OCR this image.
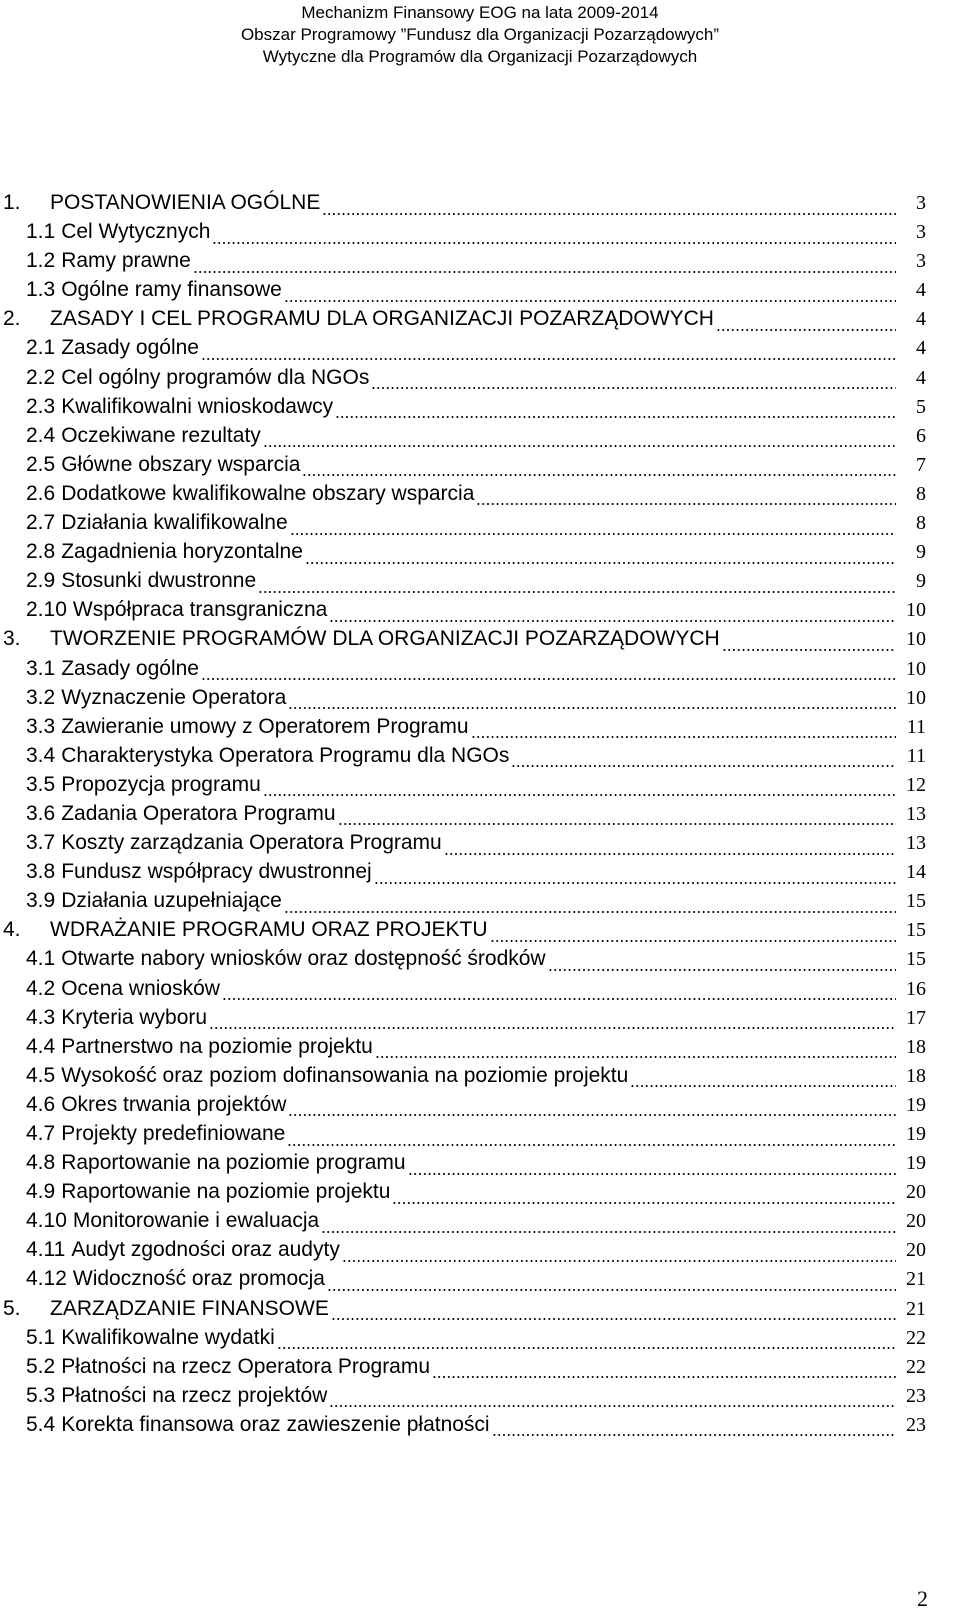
Mechanizm Finansowy EOG na lata 2009-2014
Obszar Programowy ”Fundusz dla Organizacji Pozarządowych”
Wytyczne dla Programów dla Organizacji Pozarządowych
1.	POSTANOWIENIA OGÓLNE	3
1.1 Cel Wytycznych	3
1.2 Ramy prawne	3
1.3 Ogólne ramy finansowe	4
2.	ZASADY I CEL PROGRAMU DLA ORGANIZACJI POZARZĄDOWYCH	4
2.1 Zasady ogólne	4
2.2 Cel ogólny programów dla NGOs	4
2.3 Kwalifikowalni wnioskodawcy	5
2.4 Oczekiwane rezultaty	6
2.5 Główne obszary wsparcia	7
2.6 Dodatkowe kwalifikowalne obszary wsparcia	8
2.7 Działania kwalifikowalne	8
2.8 Zagadnienia horyzontalne	9
2.9 Stosunki dwustronne	9
2.10 Współpraca transgraniczna	10
3.	TWORZENIE PROGRAMÓW DLA ORGANIZACJI POZARZĄDOWYCH	10
3.1 Zasady ogólne	10
3.2 Wyznaczenie Operatora	10
3.3 Zawieranie umowy z Operatorem Programu	11
3.4 Charakterystyka Operatora Programu dla NGOs	11
3.5 Propozycja programu	12
3.6 Zadania Operatora Programu	13
3.7 Koszty zarządzania Operatora Programu	13
3.8 Fundusz współpracy dwustronnej	14
3.9 Działania uzupełniające	15
4.	WDRAŻANIE PROGRAMU ORAZ PROJEKTU	15
4.1 Otwarte nabory wniosków oraz dostępność środków	15
4.2 Ocena wniosków	16
4.3 Kryteria wyboru	17
4.4 Partnerstwo na poziomie projektu	18
4.5 Wysokość oraz poziom dofinansowania na poziomie projektu	18
4.6 Okres trwania projektów	19
4.7 Projekty predefiniowane	19
4.8 Raportowanie na poziomie programu	19
4.9 Raportowanie na poziomie projektu	20
4.10 Monitorowanie i ewaluacja	20
4.11 Audyt zgodności oraz audyty	20
4.12 Widoczność oraz promocja	21
5.	ZARZĄDZANIE FINANSOWE	21
5.1 Kwalifikowalne wydatki	22
5.2 Płatności na rzecz Operatora Programu	22
5.3 Płatności na rzecz projektów	23
5.4 Korekta finansowa oraz zawieszenie płatności	23
2
